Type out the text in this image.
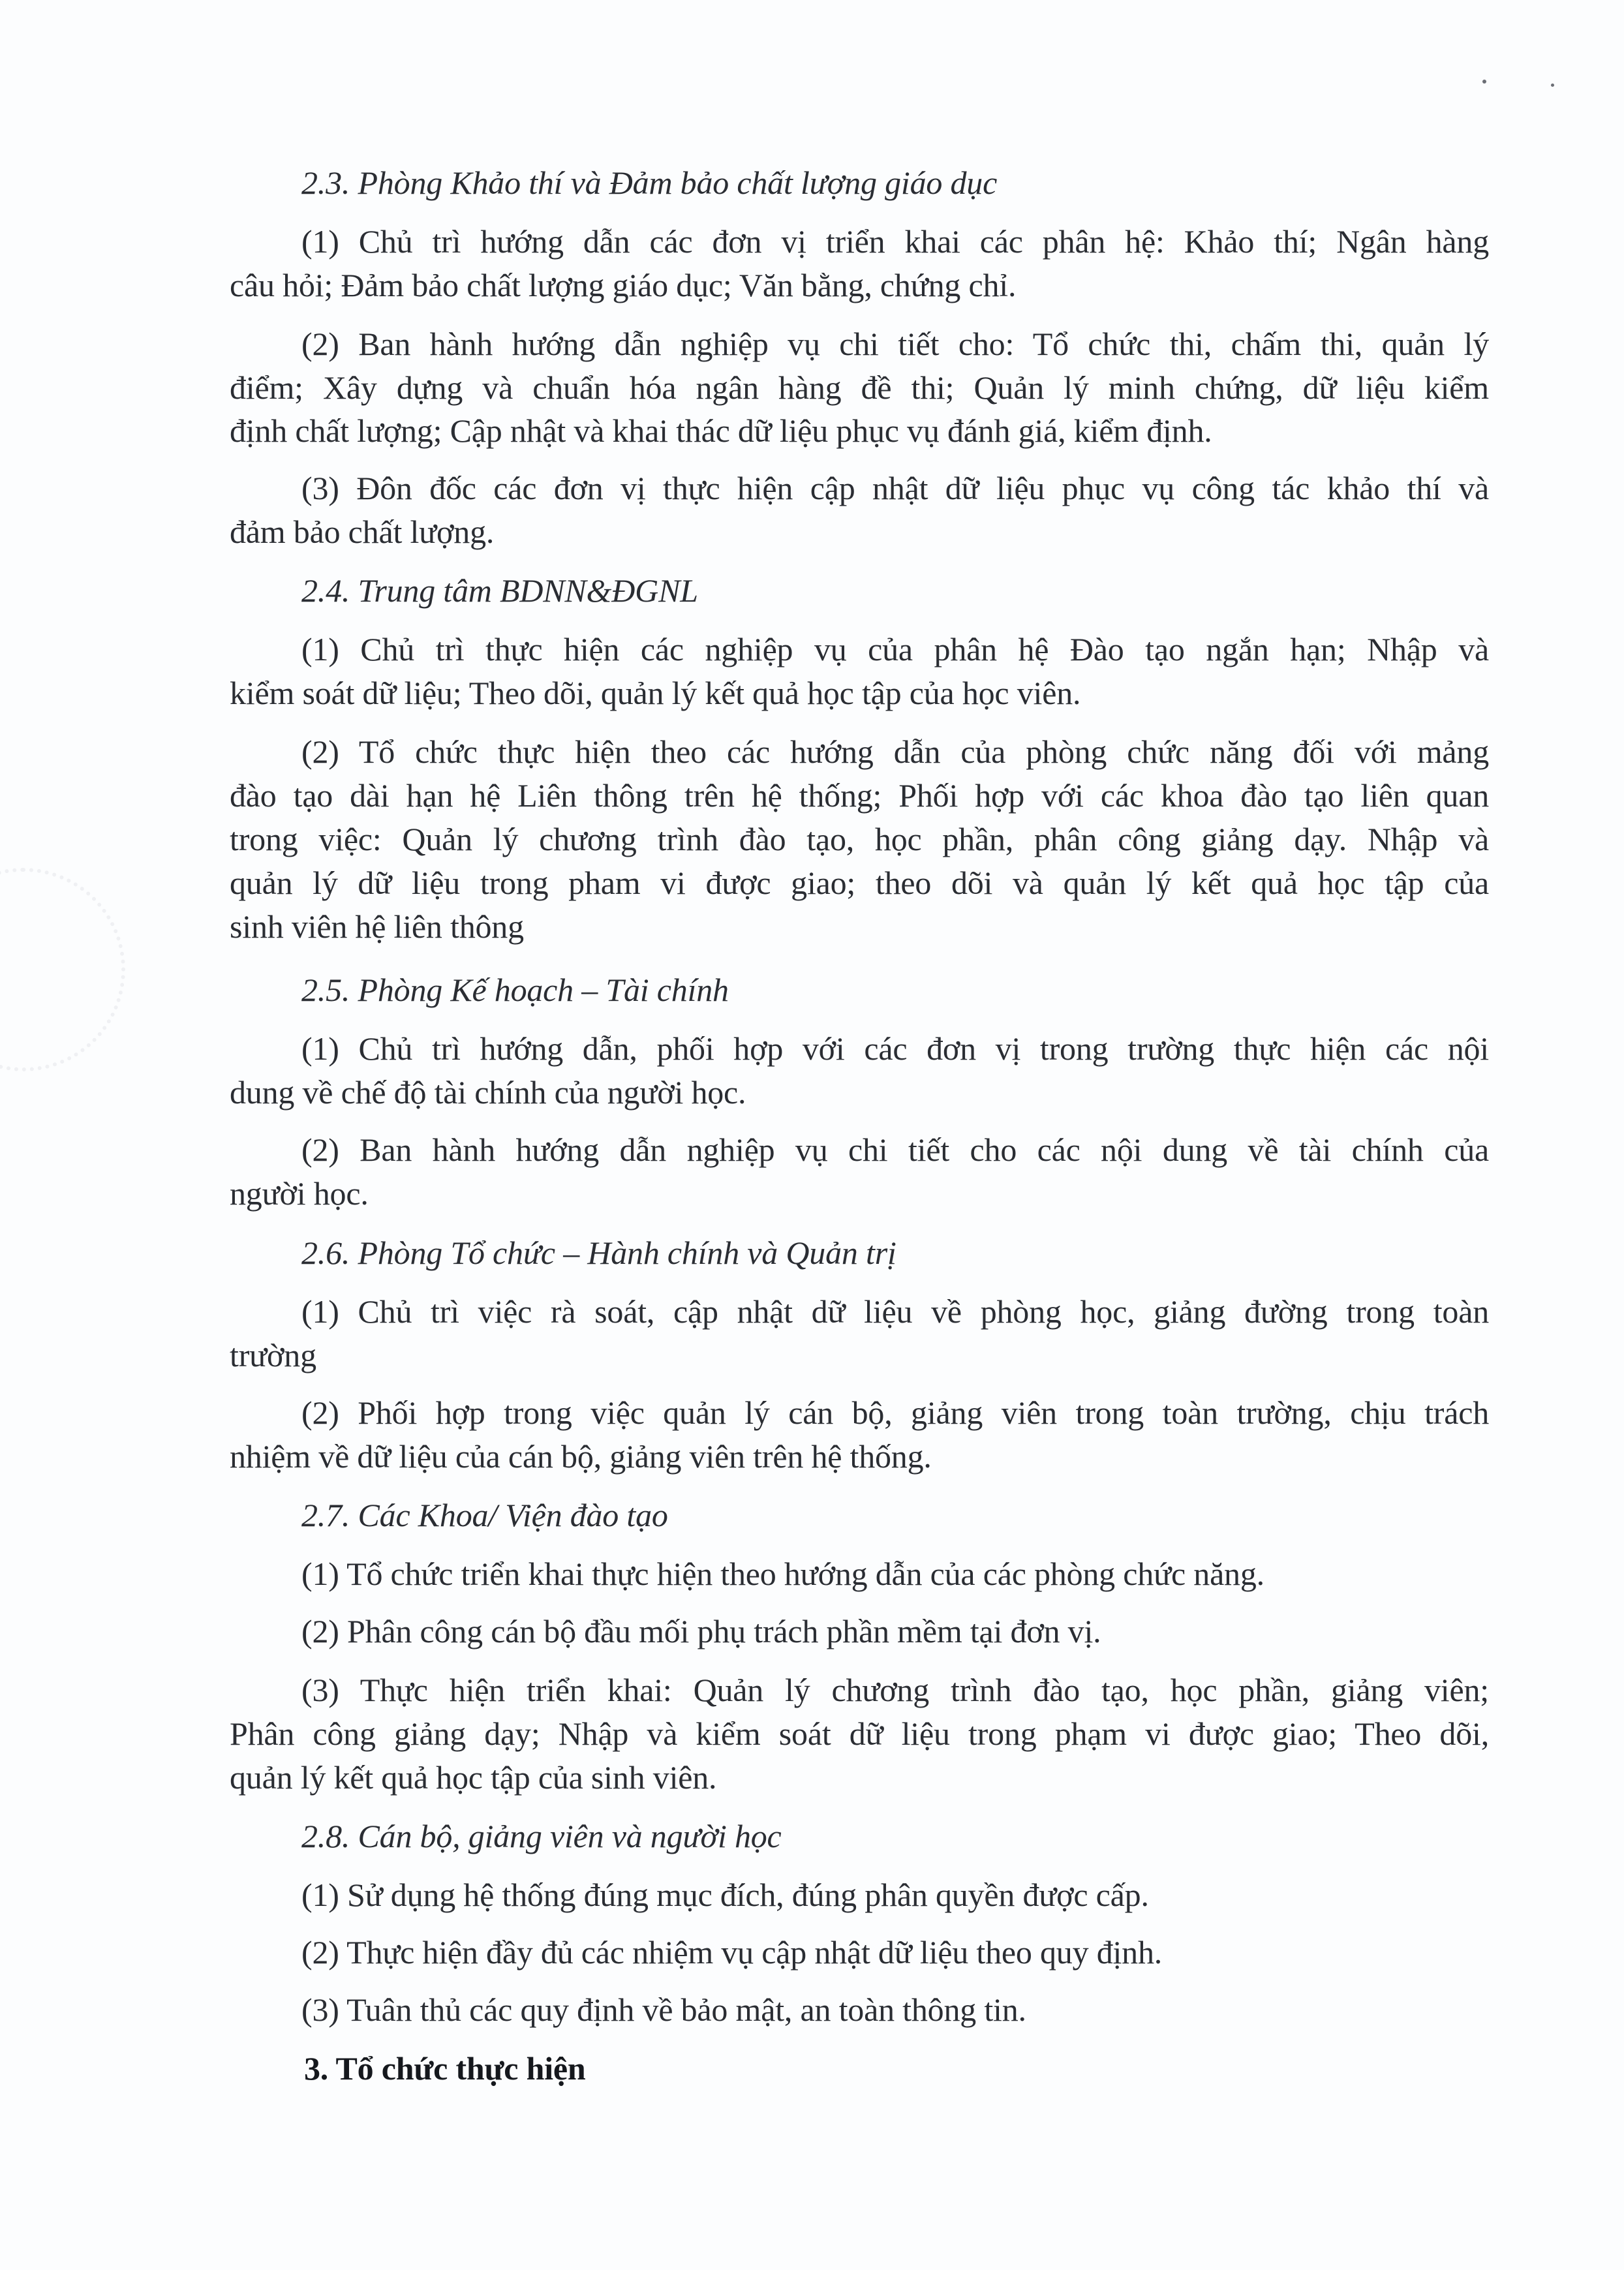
2.3. Phòng Khảo thí và Đảm bảo chất lượng giáo dục
(1) Chủ trì hướng dẫn các đơn vị triển khai các phân hệ: Khảo thí; Ngân hàng
câu hỏi; Đảm bảo chất lượng giáo dục; Văn bằng, chứng chỉ.
(2) Ban hành hướng dẫn nghiệp vụ chi tiết cho: Tổ chức thi, chấm thi, quản lý
điểm; Xây dựng và chuẩn hóa ngân hàng đề thi; Quản lý minh chứng, dữ liệu kiểm
định chất lượng; Cập nhật và khai thác dữ liệu phục vụ đánh giá, kiểm định.
(3) Đôn đốc các đơn vị thực hiện cập nhật dữ liệu phục vụ công tác khảo thí và
đảm bảo chất lượng.
2.4. Trung tâm BDNN&ĐGNL
(1) Chủ trì thực hiện các nghiệp vụ của phân hệ Đào tạo ngắn hạn; Nhập và
kiểm soát dữ liệu; Theo dõi, quản lý kết quả học tập của học viên.
(2) Tổ chức thực hiện theo các hướng dẫn của phòng chức năng đối với mảng
đào tạo dài hạn hệ Liên thông trên hệ thống; Phối hợp với các khoa đào tạo liên quan
trong việc: Quản lý chương trình đào tạo, học phần, phân công giảng dạy. Nhập và
quản lý dữ liệu trong pham vi được giao; theo dõi và quản lý kết quả học tập của
sinh viên hệ liên thông
2.5. Phòng Kế hoạch – Tài chính
(1) Chủ trì hướng dẫn, phối hợp với các đơn vị trong trường thực hiện các nội
dung về chế độ tài chính của người học.
(2) Ban hành hướng dẫn nghiệp vụ chi tiết cho các nội dung về tài chính của
người học.
2.6. Phòng Tổ chức – Hành chính và Quản trị
(1) Chủ trì việc rà soát, cập nhật dữ liệu về phòng học, giảng đường trong toàn
trường
(2) Phối hợp trong việc quản lý cán bộ, giảng viên trong toàn trường, chịu trách
nhiệm về dữ liệu của cán bộ, giảng viên trên hệ thống.
2.7. Các Khoa/ Viện đào tạo
(1) Tổ chức triển khai thực hiện theo hướng dẫn của các phòng chức năng.
(2) Phân công cán bộ đầu mối phụ trách phần mềm tại đơn vị.
(3) Thực hiện triển khai: Quản lý chương trình đào tạo, học phần, giảng viên;
Phân công giảng dạy; Nhập và kiểm soát dữ liệu trong phạm vi được giao; Theo dõi,
quản lý kết quả học tập của sinh viên.
2.8. Cán bộ, giảng viên và người học
(1) Sử dụng hệ thống đúng mục đích, đúng phân quyền được cấp.
(2) Thực hiện đầy đủ các nhiệm vụ cập nhật dữ liệu theo quy định.
(3) Tuân thủ các quy định về bảo mật, an toàn thông tin.
3. Tổ chức thực hiện
